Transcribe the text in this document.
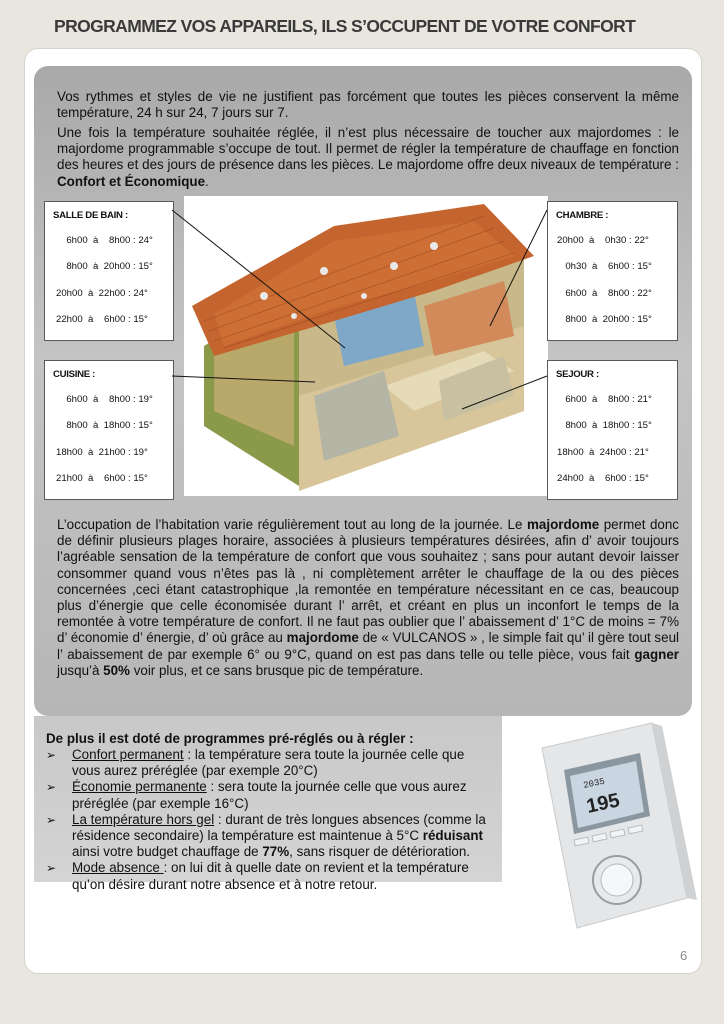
PROGRAMMEZ VOS APPAREILS, ILS S’OCCUPENT DE VOTRE CONFORT
Vos rythmes et styles de vie ne justifient pas forcément que toutes les pièces conservent la même température, 24 h sur 24, 7 jours sur 7.
Une fois la température souhaitée réglée, il n’est plus nécessaire de toucher aux majordomes : le majordome programmable s’occupe de tout. Il permet de régler la température de chauffage en fonction des heures et des jours de présence dans les pièces. Le majordome offre deux niveaux de température : Confort et Économique.
SALLE DE BAIN :
6h00  à    8h00 : 24°
8h00  à  20h00 : 15°
20h00  à  22h00 : 24°
22h00  à    6h00 : 15°
CUISINE :
6h00  à    8h00 : 19°
8h00  à  18h00 : 15°
18h00  à  21h00 : 19°
21h00  à    6h00 : 15°
CHAMBRE :
20h00  à    0h30 : 22°
0h30  à    6h00 : 15°
6h00  à    8h00 : 22°
8h00  à  20h00 : 15°
SEJOUR :
6h00  à    8h00 : 21°
8h00  à  18h00 : 15°
18h00  à  24h00 : 21°
24h00  à    6h00 : 15°
L’occupation de l’habitation varie régulièrement tout au long de la journée. Le majordome permet donc de définir plusieurs plages horaire, associées à plusieurs températures désirées, afin d’ avoir toujours l’agréable sensation de la température de confort que vous souhaitez ; sans pour autant devoir laisser consommer quand vous n’êtes pas là , ni complètement arrêter le chauffage de la ou des pièces concernées ,ceci étant catastrophique ,la remontée en température nécessitant en ce cas, beaucoup plus d’énergie que celle économisée durant l’ arrêt, et créant en plus un inconfort le temps de la remontée à votre température de confort. Il ne faut pas oublier que l’ abaissement d’ 1°C de moins = 7% d’ économie d’ énergie, d’ où grâce au majordome de « VULCANOS » , le simple fait qu’ il gère tout seul l’ abaissement de par exemple 6° ou 9°C, quand on est pas dans telle ou telle pièce, vous fait gagner jusqu’à 50% voir plus, et ce sans brusque pic de température.
De plus il est doté de programmes pré-réglés ou à régler :
➢ Confort permanent : la température sera toute la journée celle que vous aurez préréglée (par exemple 20°C)
➢ Économie permanente : sera toute la journée celle que vous aurez préréglée (par exemple 16°C)
➢ La température hors gel : durant de très longues absences (comme la résidence secondaire) la température est maintenue à 5°C réduisant ainsi votre budget chauffage de 77%, sans risquer de détérioration.
➢ Mode absence : on lui dit à quelle date on revient et la température qu’on désire durant notre absence et à notre retour.
2035
195
6
